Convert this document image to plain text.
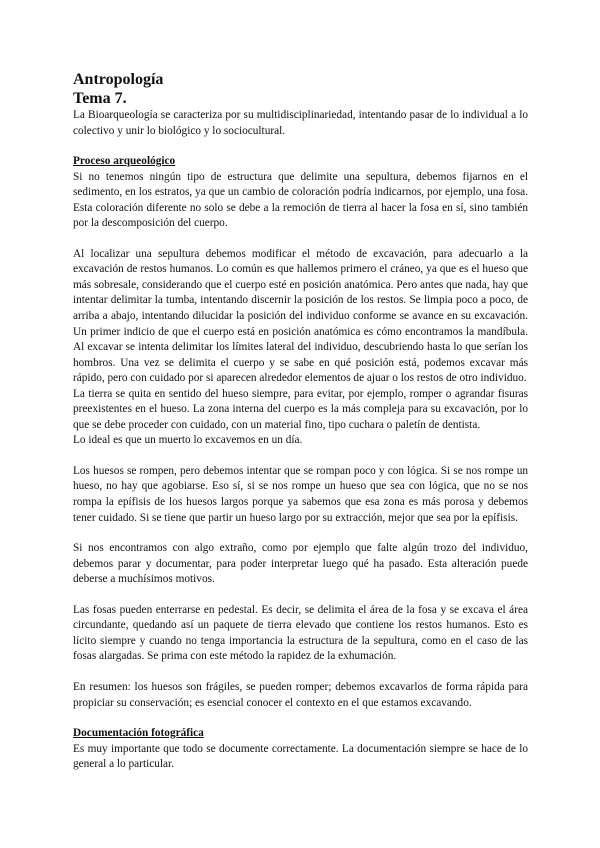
Antropología
Tema 7.

La Bioarqueología se caracteriza por su multidisciplinariedad, intentando pasar de lo individual a lo colectivo y unir lo biológico y lo sociocultural.

Proceso arqueológico

Si no tenemos ningún tipo de estructura que delimite una sepultura, debemos fijarnos en el sedimento, en los estratos, ya que un cambio de coloración podría indicarnos, por ejemplo, una fosa. Esta coloración diferente no solo se debe a la remoción de tierra al hacer la fosa en sí, sino también por la descomposición del cuerpo.

Al localizar una sepultura debemos modificar el método de excavación, para adecuarlo a la excavación de restos humanos. Lo común es que hallemos primero el cráneo, ya que es el hueso que más sobresale, considerando que el cuerpo esté en posición anatómica. Pero antes que nada, hay que intentar delimitar la tumba, intentando discernir la posición de los restos. Se limpia poco a poco, de arriba a abajo, intentando dilucidar la posición del individuo conforme se avance en su excavación. Un primer indicio de que el cuerpo está en posición anatómica es cómo encontramos la mandíbula. Al excavar se intenta delimitar los límites lateral del individuo, descubriendo hasta lo que serían los hombros. Una vez se delimita el cuerpo y se sabe en qué posición está, podemos excavar más rápido, pero con cuidado por si aparecen alrededor elementos de ajuar o los restos de otro individuo.

La tierra se quita en sentido del hueso siempre, para evitar, por ejemplo, romper o agrandar fisuras preexistentes en el hueso. La zona interna del cuerpo es la más compleja para su excavación, por lo que se debe proceder con cuidado, con un material fino, tipo cuchara o paletín de dentista.

Lo ideal es que un muerto lo excavemos en un día.

Los huesos se rompen, pero debemos intentar que se rompan poco y con lógica. Si se nos rompe un hueso, no hay que agobiarse. Eso sí, si se nos rompe un hueso que sea con lógica, que no se nos rompa la epífisis de los huesos largos porque ya sabemos que esa zona es más porosa y debemos tener cuidado. Si se tiene que partir un hueso largo por su extracción, mejor que sea por la epífisis.

Si nos encontramos con algo extraño, como por ejemplo que falte algún trozo del individuo, debemos parar y documentar, para poder interpretar luego qué ha pasado. Esta alteración puede deberse a muchísimos motivos.

Las fosas pueden enterrarse en pedestal. Es decir, se delimita el área de la fosa y se excava el área circundante, quedando así un paquete de tierra elevado que contiene los restos humanos. Esto es lícito siempre y cuando no tenga importancia la estructura de la sepultura, como en el caso de las fosas alargadas. Se prima con este método la rapidez de la exhumación.

En resumen: los huesos son frágiles, se pueden romper; debemos excavarlos de forma rápida para propiciar su conservación; es esencial conocer el contexto en el que estamos excavando.

Documentación fotográfica

Es muy importante que todo se documente correctamente. La documentación siempre se hace de lo general a lo particular.
